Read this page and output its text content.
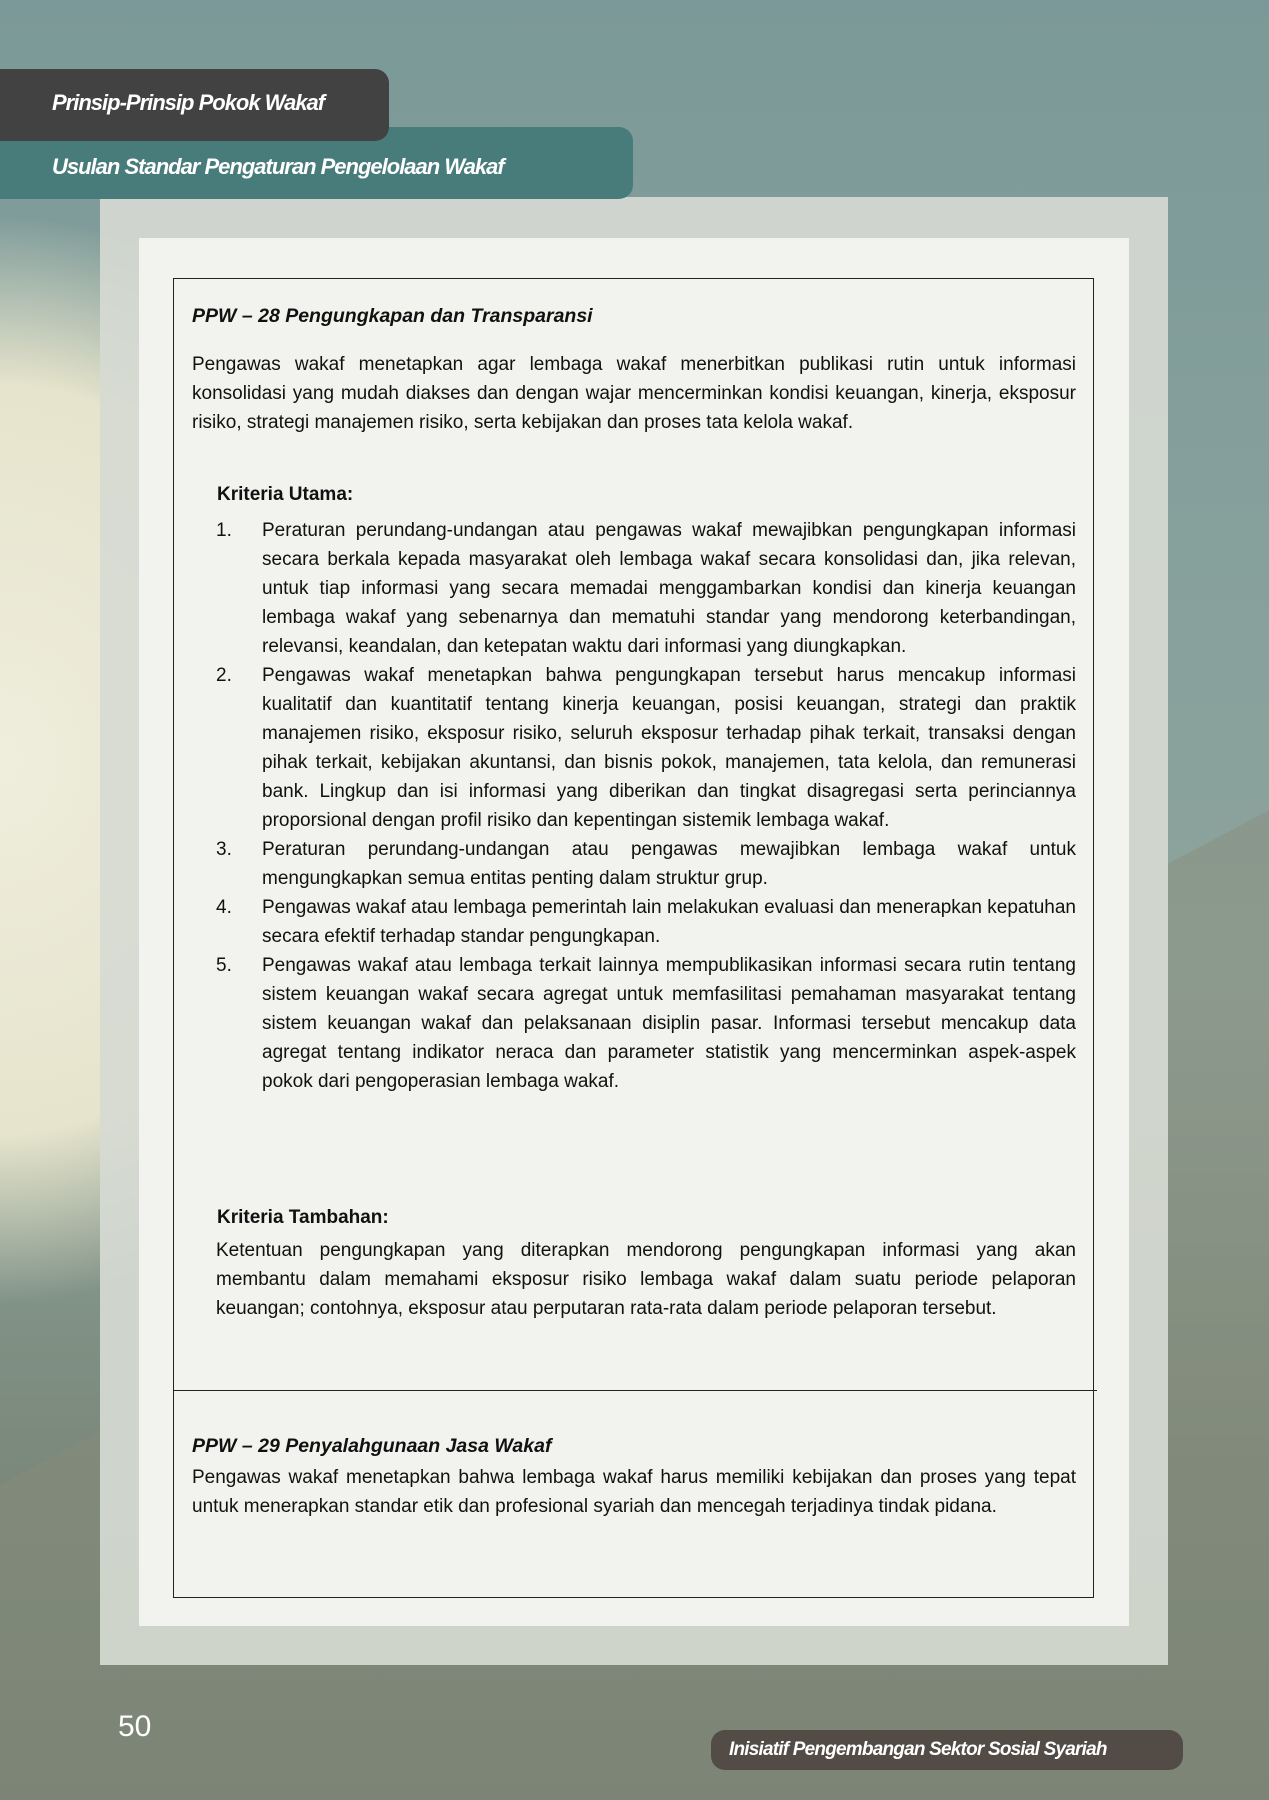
Prinsip-Prinsip Pokok Wakaf
Usulan Standar Pengaturan Pengelolaan Wakaf
PPW – 28 Pengungkapan dan Transparansi
Pengawas wakaf menetapkan agar lembaga wakaf menerbitkan publikasi rutin untuk informasi konsolidasi yang mudah diakses dan dengan wajar mencerminkan kondisi keuangan, kinerja, eksposur risiko, strategi manajemen risiko, serta kebijakan dan proses tata kelola wakaf.
Kriteria Utama:
1. Peraturan perundang-undangan atau pengawas wakaf mewajibkan pengungkapan informasi secara berkala kepada masyarakat oleh lembaga wakaf secara konsolidasi dan, jika relevan, untuk tiap informasi yang secara memadai menggambarkan kondisi dan kinerja keuangan lembaga wakaf yang sebenarnya dan mematuhi standar yang mendorong keterbandingan, relevansi, keandalan, dan ketepatan waktu dari informasi yang diungkapkan.
2. Pengawas wakaf menetapkan bahwa pengungkapan tersebut harus mencakup informasi kualitatif dan kuantitatif tentang kinerja keuangan, posisi keuangan, strategi dan praktik manajemen risiko, eksposur risiko, seluruh eksposur terhadap pihak terkait, transaksi dengan pihak terkait, kebijakan akuntansi, dan bisnis pokok, manajemen, tata kelola, dan remunerasi bank. Lingkup dan isi informasi yang diberikan dan tingkat disagregasi serta perinciannya proporsional dengan profil risiko dan kepentingan sistemik lembaga wakaf.
3. Peraturan perundang-undangan atau pengawas mewajibkan lembaga wakaf untuk mengungkapkan semua entitas penting dalam struktur grup.
4. Pengawas wakaf atau lembaga pemerintah lain melakukan evaluasi dan menerapkan kepatuhan secara efektif terhadap standar pengungkapan.
5. Pengawas wakaf atau lembaga terkait lainnya mempublikasikan informasi secara rutin tentang sistem keuangan wakaf secara agregat untuk memfasilitasi pemahaman masyarakat tentang sistem keuangan wakaf dan pelaksanaan disiplin pasar. Informasi tersebut mencakup data agregat tentang indikator neraca dan parameter statistik yang mencerminkan aspek-aspek pokok dari pengoperasian lembaga wakaf.
Kriteria Tambahan:
Ketentuan pengungkapan yang diterapkan mendorong pengungkapan informasi yang akan membantu dalam memahami eksposur risiko lembaga wakaf dalam suatu periode pelaporan keuangan; contohnya, eksposur atau perputaran rata-rata dalam periode pelaporan tersebut.
PPW – 29 Penyalahgunaan Jasa Wakaf
Pengawas wakaf menetapkan bahwa lembaga wakaf harus memiliki kebijakan dan proses yang tepat untuk menerapkan standar etik dan profesional syariah dan mencegah terjadinya tindak pidana.
50
Inisiatif Pengembangan Sektor Sosial Syariah
